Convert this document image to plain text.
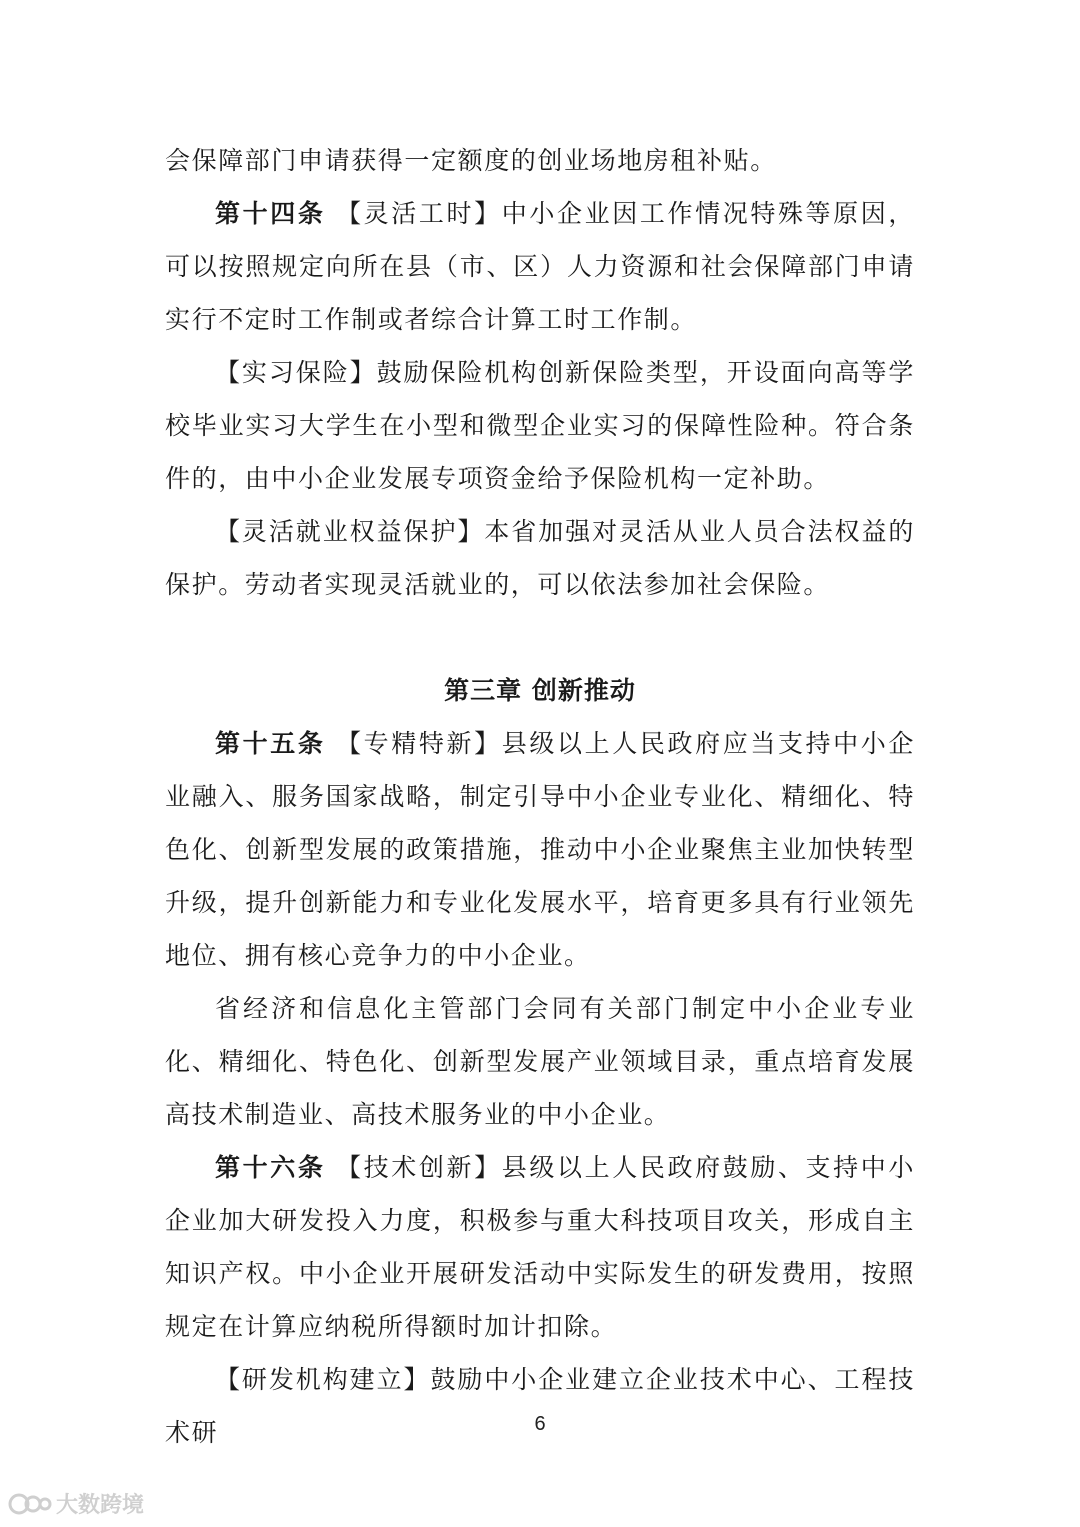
会保障部门申请获得一定额度的创业场地房租补贴。

第十四条 【灵活工时】中小企业因工作情况特殊等原因，可以按照规定向所在县（市、区）人力资源和社会保障部门申请实行不定时工作制或者综合计算工时工作制。

【实习保险】鼓励保险机构创新保险类型，开设面向高等学校毕业实习大学生在小型和微型企业实习的保障性险种。符合条件的，由中小企业发展专项资金给予保险机构一定补助。

【灵活就业权益保护】本省加强对灵活从业人员合法权益的保护。劳动者实现灵活就业的，可以依法参加社会保险。

第三章 创新推动

第十五条 【专精特新】县级以上人民政府应当支持中小企业融入、服务国家战略，制定引导中小企业专业化、精细化、特色化、创新型发展的政策措施，推动中小企业聚焦主业加快转型升级，提升创新能力和专业化发展水平，培育更多具有行业领先地位、拥有核心竞争力的中小企业。

省经济和信息化主管部门会同有关部门制定中小企业专业化、精细化、特色化、创新型发展产业领域目录，重点培育发展高技术制造业、高技术服务业的中小企业。

第十六条 【技术创新】县级以上人民政府鼓励、支持中小企业加大研发投入力度，积极参与重大科技项目攻关，形成自主知识产权。中小企业开展研发活动中实际发生的研发费用，按照规定在计算应纳税所得额时加计扣除。

【研发机构建立】鼓励中小企业建立企业技术中心、工程技术研	6
大数跨境
